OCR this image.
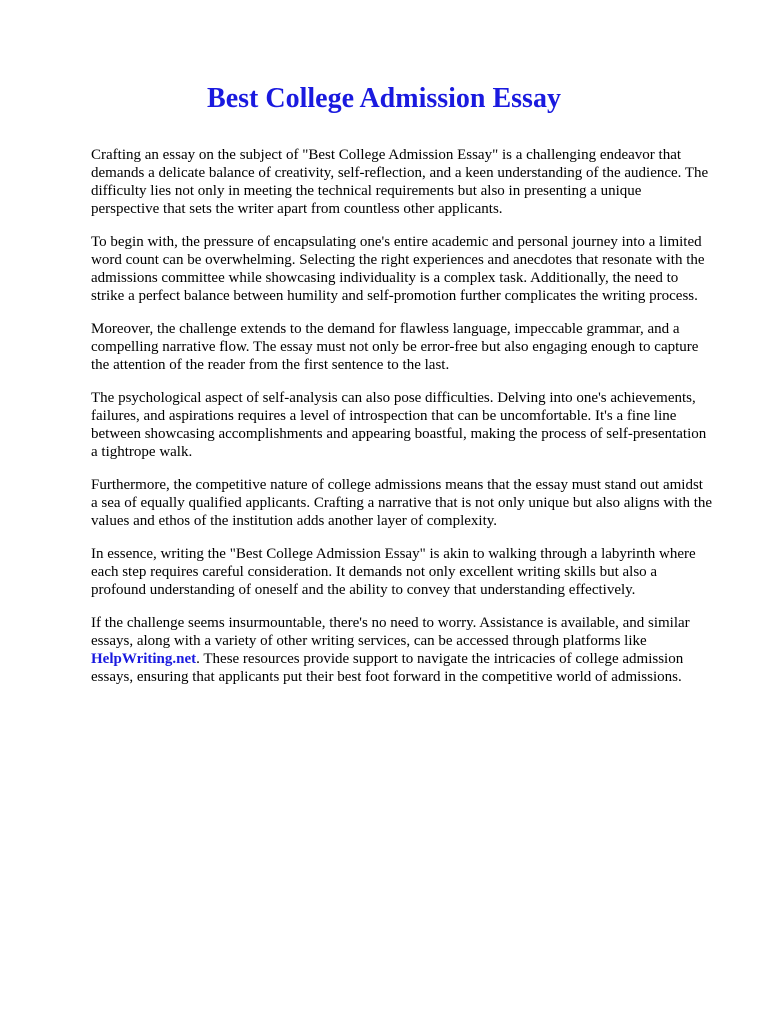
Best College Admission Essay

Crafting an essay on the subject of "Best College Admission Essay" is a challenging endeavor that demands a delicate balance of creativity, self-reflection, and a keen understanding of the audience. The difficulty lies not only in meeting the technical requirements but also in presenting a unique perspective that sets the writer apart from countless other applicants.

To begin with, the pressure of encapsulating one's entire academic and personal journey into a limited word count can be overwhelming. Selecting the right experiences and anecdotes that resonate with the admissions committee while showcasing individuality is a complex task. Additionally, the need to strike a perfect balance between humility and self-promotion further complicates the writing process.

Moreover, the challenge extends to the demand for flawless language, impeccable grammar, and a compelling narrative flow. The essay must not only be error-free but also engaging enough to capture the attention of the reader from the first sentence to the last.

The psychological aspect of self-analysis can also pose difficulties. Delving into one's achievements, failures, and aspirations requires a level of introspection that can be uncomfortable. It's a fine line between showcasing accomplishments and appearing boastful, making the process of self-presentation a tightrope walk.

Furthermore, the competitive nature of college admissions means that the essay must stand out amidst a sea of equally qualified applicants. Crafting a narrative that is not only unique but also aligns with the values and ethos of the institution adds another layer of complexity.

In essence, writing the "Best College Admission Essay" is akin to walking through a labyrinth where each step requires careful consideration. It demands not only excellent writing skills but also a profound understanding of oneself and the ability to convey that understanding effectively.

If the challenge seems insurmountable, there's no need to worry. Assistance is available, and similar essays, along with a variety of other writing services, can be accessed through platforms like HelpWriting.net. These resources provide support to navigate the intricacies of college admission essays, ensuring that applicants put their best foot forward in the competitive world of admissions.
